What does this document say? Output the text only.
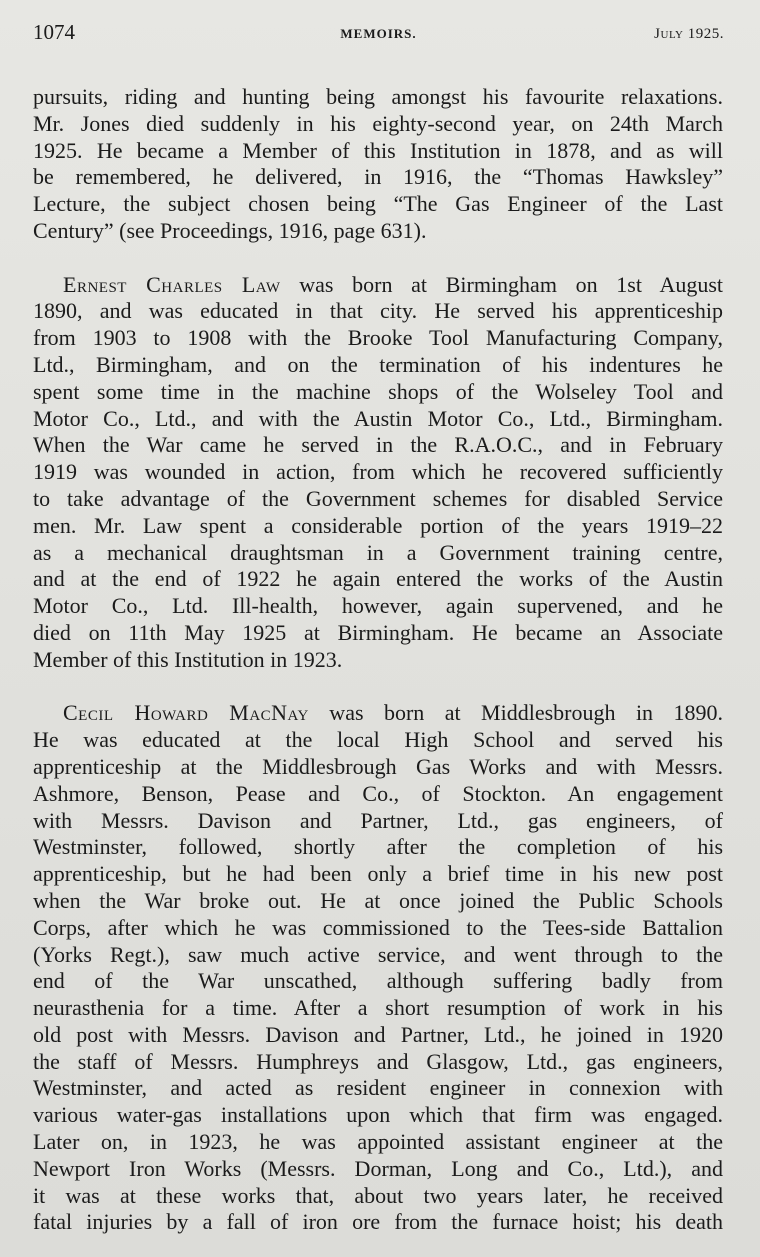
1074	MEMOIRS.	July 1925.
pursuits, riding and hunting being amongst his favourite relaxations.
Mr. Jones died suddenly in his eighty-second year, on 24th March
1925. He became a Member of this Institution in 1878, and as will
be remembered, he delivered, in 1916, the “Thomas Hawksley”
Lecture, the subject chosen being “The Gas Engineer of the Last
Century” (see Proceedings, 1916, page 631).
Ernest Charles Law was born at Birmingham on 1st August
1890, and was educated in that city. He served his apprenticeship
from 1903 to 1908 with the Brooke Tool Manufacturing Company,
Ltd., Birmingham, and on the termination of his indentures he
spent some time in the machine shops of the Wolseley Tool and
Motor Co., Ltd., and with the Austin Motor Co., Ltd., Birmingham.
When the War came he served in the R.A.O.C., and in February
1919 was wounded in action, from which he recovered sufficiently
to take advantage of the Government schemes for disabled Service
men. Mr. Law spent a considerable portion of the years 1919–22
as a mechanical draughtsman in a Government training centre,
and at the end of 1922 he again entered the works of the Austin
Motor Co., Ltd. Ill-health, however, again supervened, and he
died on 11th May 1925 at Birmingham. He became an Associate
Member of this Institution in 1923.
Cecil Howard MacNay was born at Middlesbrough in 1890.
He was educated at the local High School and served his
apprenticeship at the Middlesbrough Gas Works and with Messrs.
Ashmore, Benson, Pease and Co., of Stockton. An engagement
with Messrs. Davison and Partner, Ltd., gas engineers, of
Westminster, followed, shortly after the completion of his
apprenticeship, but he had been only a brief time in his new post
when the War broke out. He at once joined the Public Schools
Corps, after which he was commissioned to the Tees-side Battalion
(Yorks Regt.), saw much active service, and went through to the
end of the War unscathed, although suffering badly from
neurasthenia for a time. After a short resumption of work in his
old post with Messrs. Davison and Partner, Ltd., he joined in 1920
the staff of Messrs. Humphreys and Glasgow, Ltd., gas engineers,
Westminster, and acted as resident engineer in connexion with
various water-gas installations upon which that firm was engaged.
Later on, in 1923, he was appointed assistant engineer at the
Newport Iron Works (Messrs. Dorman, Long and Co., Ltd.), and
it was at these works that, about two years later, he received
fatal injuries by a fall of iron ore from the furnace hoist; his death
